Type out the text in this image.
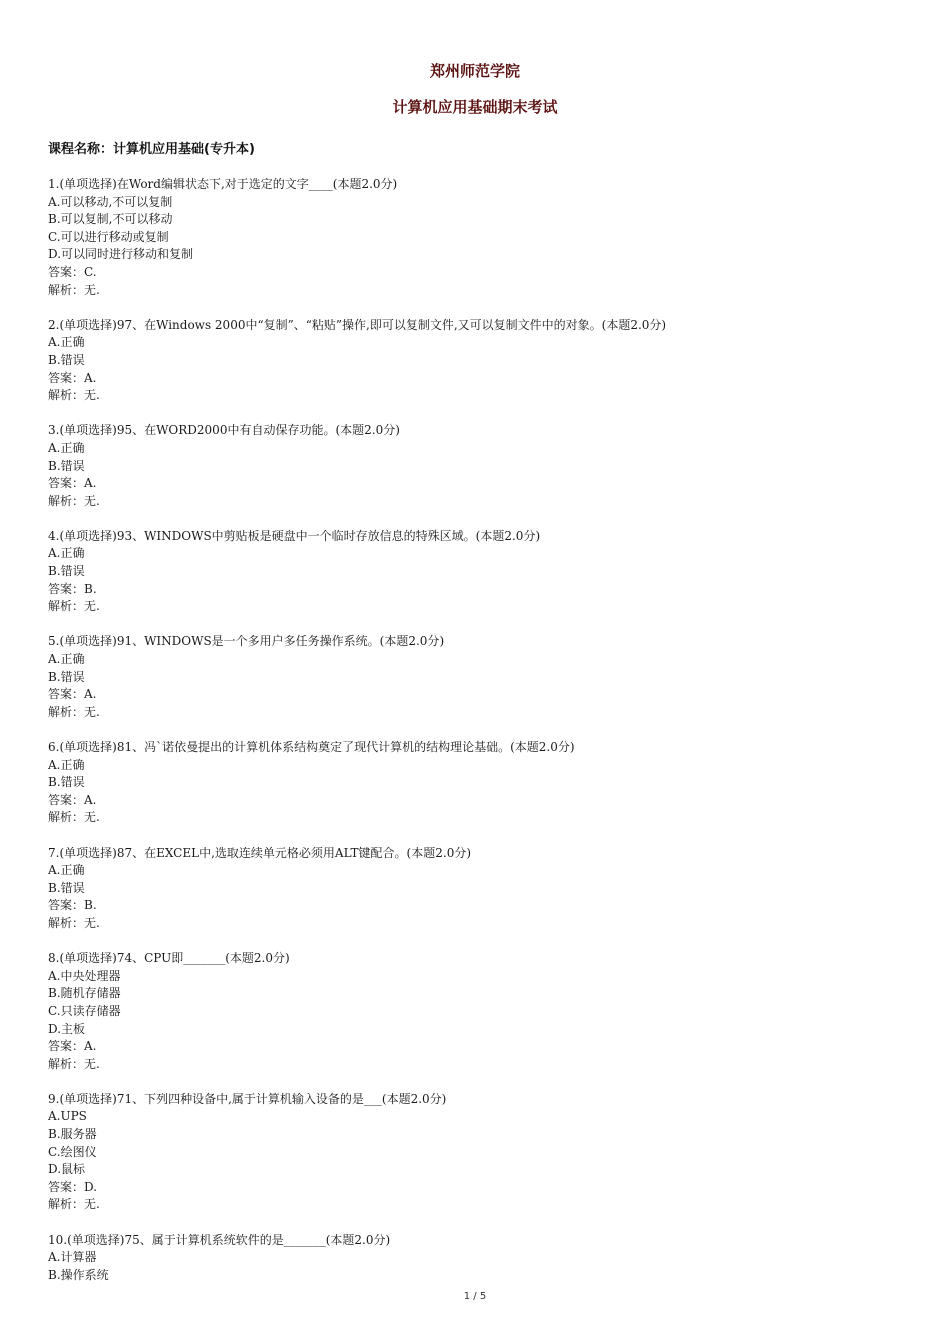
郑州师范学院
计算机应用基础期末考试
课程名称：计算机应用基础(专升本)
1.(单项选择)在Word编辑状态下,对于选定的文字____(本题2.0分)
A.可以移动,不可以复制
B.可以复制,不可以移动
C.可以进行移动或复制
D.可以同时进行移动和复制
答案：C.
解析：无.
2.(单项选择)97、在Windows 2000中“复制”、“粘贴”操作,即可以复制文件,又可以复制文件中的对象。(本题2.0分)
A.正确
B.错误
答案：A.
解析：无.
3.(单项选择)95、在WORD2000中有自动保存功能。(本题2.0分)
A.正确
B.错误
答案：A.
解析：无.
4.(单项选择)93、WINDOWS中剪贴板是硬盘中一个临时存放信息的特殊区域。(本题2.0分)
A.正确
B.错误
答案：B.
解析：无.
5.(单项选择)91、WINDOWS是一个多用户多任务操作系统。(本题2.0分)
A.正确
B.错误
答案：A.
解析：无.
6.(单项选择)81、冯`诺依曼提出的计算机体系结构奠定了现代计算机的结构理论基础。(本题2.0分)
A.正确
B.错误
答案：A.
解析：无.
7.(单项选择)87、在EXCEL中,选取连续单元格必须用ALT键配合。(本题2.0分)
A.正确
B.错误
答案：B.
解析：无.
8.(单项选择)74、CPU即_______(本题2.0分)
A.中央处理器
B.随机存储器
C.只读存储器
D.主板
答案：A.
解析：无.
9.(单项选择)71、下列四种设备中,属于计算机输入设备的是___(本题2.0分)
A.UPS
B.服务器
C.绘图仪
D.鼠标
答案：D.
解析：无.
10.(单项选择)75、属于计算机系统软件的是_______(本题2.0分)
A.计算器
B.操作系统
1 / 5
